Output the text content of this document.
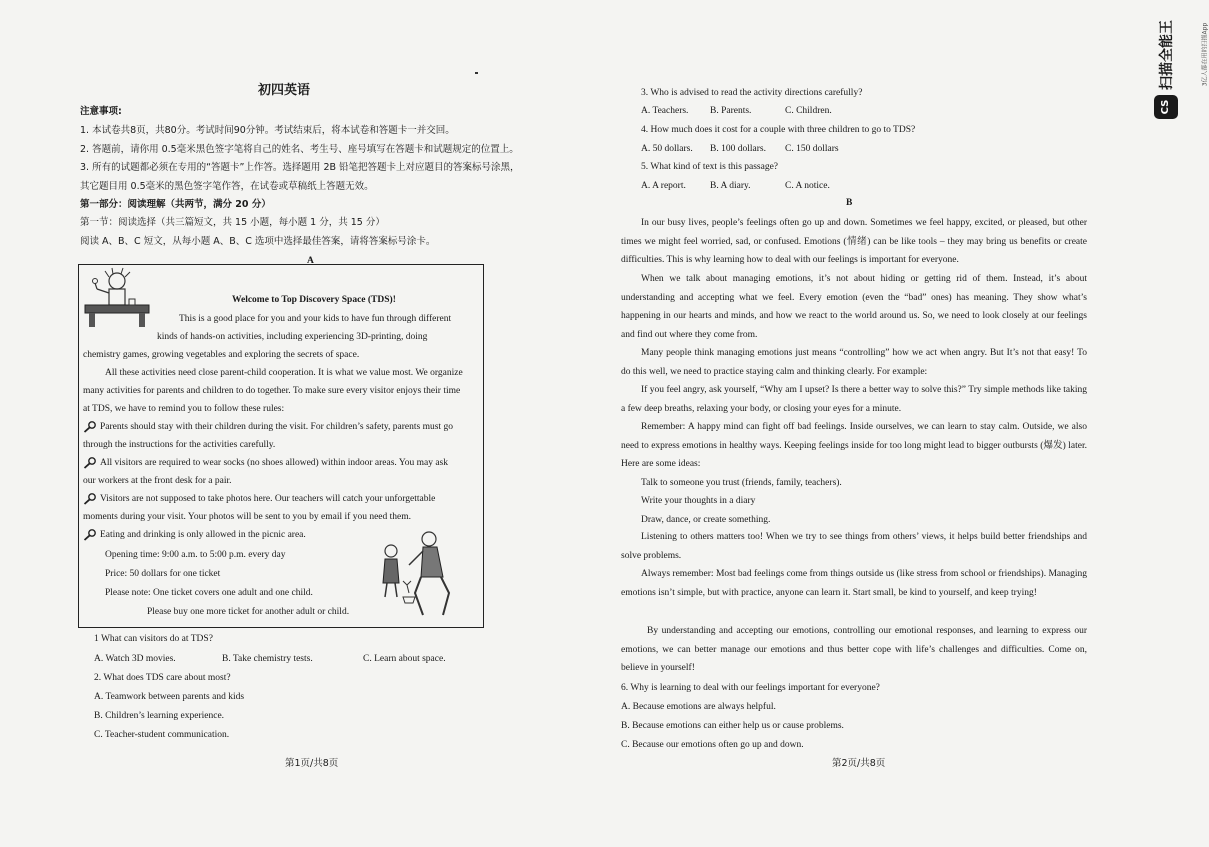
初四英语
注意事项:
1. 本试卷共8页，共80分。考试时间90分钟。考试结束后，将本试卷和答题卡一并交回。
2. 答题前，请你用 0.5毫米黑色签字笔将自己的姓名、考生号、座号填写在答题卡和试题规定的位置上。
3. 所有的试题都必须在专用的“答题卡”上作答。选择题用 2B 铅笔把答题卡上对应题目的答案标号涂黑，
其它题目用 0.5毫米的黑色签字笔作答，在试卷或草稿纸上答题无效。
第一部分：阅读理解（共两节，满分 20 分）
第一节：阅读选择（共三篇短文，共 15 小题，每小题 1 分，共 15 分）
阅读 A、B、C 短文，从每小题 A、B、C 选项中选择最佳答案，请将答案标号涂卡。
A
Welcome to Top Discovery Space (TDS)!
This is a good place for you and your kids to have fun through different
kinds of hands-on activities, including experiencing 3D-printing, doing
chemistry games, growing vegetables and exploring the secrets of space.
All these activities need close parent-child cooperation. It is what we value most. We organize
many activities for parents and children to do together. To make sure every visitor enjoys their time
at TDS, we have to remind you to follow these rules:
Parents should stay with their children during the visit. For children’s safety, parents must go
through the instructions for the activities carefully.
All visitors are required to wear socks (no shoes allowed) within indoor areas. You may ask
our workers at the front desk for a pair.
Visitors are not supposed to take photos here. Our teachers will catch your unforgettable
moments during your visit. Your photos will be sent to you by email if you need them.
Eating and drinking is only allowed in the picnic area.
Opening time: 9:00 a.m. to 5:00 p.m. every day
Price: 50 dollars for one ticket
Please note: One ticket covers one adult and one child.
Please buy one more ticket for another adult or child.
1 What can visitors do at TDS?
A. Watch 3D movies.	B. Take chemistry tests.	C. Learn about space.
2. What does TDS care about most?
A. Teamwork between parents and kids
B. Children’s learning experience.
C. Teacher-student communication.
第1页/共8页
3. Who is advised to read the activity directions carefully?
A. Teachers. B. Parents.	C. Children.
4. How much does it cost for a couple with three children to go to TDS?
A. 50 dollars. B. 100 dollars. C. 150 dollars
5. What kind of text is this passage?
A. A report.	B. A diary.	C. A notice.
B
In our busy lives, people’s feelings often go up and down. Sometimes we feel happy, excited, or pleased, but other times we might feel worried, sad, or confused. Emotions (情绪) can be like tools – they may bring us benefits or create difficulties. This is why learning how to deal with our feelings is important for everyone.
When we talk about managing emotions, it’s not about hiding or getting rid of them. Instead, it’s about understanding and accepting what we feel. Every emotion (even the “bad” ones) has meaning. They show what’s happening in our hearts and minds, and how we react to the world around us. So, we need to look closely at our feelings and find out where they come from.
Many people think managing emotions just means “controlling” how we act when angry. But It’s not that easy! To do this well, we need to practice staying calm and thinking clearly. For example:
If you feel angry, ask yourself, “Why am I upset? Is there a better way to solve this?” Try simple methods like taking a few deep breaths, relaxing your body, or closing your eyes for a minute.
Remember: A happy mind can fight off bad feelings. Inside ourselves, we can learn to stay calm. Outside, we also need to express emotions in healthy ways. Keeping feelings inside for too long might lead to bigger outbursts (爆发) later. Here are some ideas:
Talk to someone you trust (friends, family, teachers).
Write your thoughts in a diary
Draw, dance, or create something.
Listening to others matters too! When we try to see things from others’ views, it helps build better friendships and solve problems.
Always remember: Most bad feelings come from things outside us (like stress from school or friendships). Managing emotions isn’t simple, but with practice, anyone can learn it. Start small, be kind to yourself, and keep trying!
By understanding and accepting our emotions, controlling our emotional responses, and learning to express our emotions, we can better manage our emotions and thus better cope with life’s challenges and difficulties. Come on, believe in yourself!
6. Why is learning to deal with our feelings important for everyone?
A. Because emotions are always helpful.
B. Because emotions can either help us or cause problems.
C. Because our emotions often go up and down.
第2页/共8页
扫描全能王	3亿人都在用的扫描App
CS
